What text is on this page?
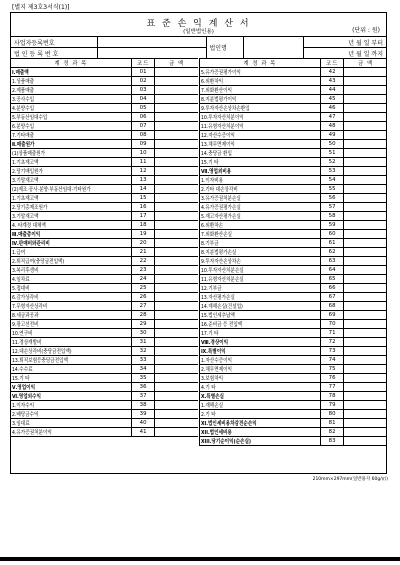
[별지 제3호3서식(1)]
표 준 손 익 계 산 서
(일반법인용)	(단위 : 원)
사업자등록번호		법인명		년 월 일 부터
법 인 등 록 번 호				년 월 일 까지
계 정 과 목	코드	금 액
Ⅰ.매출액	01	
1.상품매출	02	
2.제품매출	03	
3.공사수입	04	
4.분양수입	05	
5.부동산임대수입	06	
6.분양수입	07	
7.기타매출	08	
Ⅱ.매출원가	09	
(1)상품매출원가	10	
1.기초재고액	11	
2.당기매입원가	12	
3.기말재고액	13	
(2)제조·공사·분양·부동산임대·기타원가	14	
1.기초재고액	15	
2.당기총제조원가	16	
3.기말재고액	17	
4. 타계정 대체액	18	
Ⅲ.매출총이익	19	
Ⅳ.판매비와관리비	20	
1.급여	21	
2.퇴직급여(충당금전입액)	22	
3.복리후생비	23	
4.임차료	24	
5.접대비	25	
6.감가상각비	26	
7.무형자산상각비	27	
8.세금과공과	28	
9.광고선전비	29	
10.연구비	30	
11.경상개발비	31	
12.대손상각비(충당금전입액)	32	
13.퇴직보험등충당금전입액	33	
14.수수료	34	
15.기 타	35	
Ⅴ.영업이익	36	
Ⅵ.영업외수익	37	
1.이자수익	38	
2.배당금수익	39	
3.임대료	40	
4.유가증권처분이익	41	
계 정 과 목	코드	금 액
5.유가증권평가이익	42	
6.외환차익	43	
7.외화환산이익	44	
8.지분법평가이익	45	
9.투자자산손상차손환입	46	
10.투자자산처분이익	47	
11.유형자산처분이익	48	
12.자산수증이익	49	
13.채무면제이익	50	
14.충당금 환입	51	
15.기 타	52	
Ⅶ.영업외비용	53	
1.이자비용	54	
2.기타 대손상각비	55	
3.유가증권처분손실	56	
4.유가증권평가손실	57	
5.재고자산평가손실	58	
6.외환차손	59	
7.외화환산손실	60	
8.기부금	61	
8.지분법평가손실	62	
9.투자자산손상차손	63	
10.투자자산처분손실	64	
11.유형자산처분손실	65	
12.기부금	66	
13.자산평가손실	67	
14.재해손실(건설업)	68	
15.법인세추납액	69	
16.준비금 등 전입액	70	
17.기 타	71	
Ⅷ.경상이익	72	
Ⅸ.특별이익	73	
1.자산수증이익	74	
2.채무면제이익	75	
3.보험차익	76	
4.기 타	77	
Ⅹ.특별손실	78	
1.재해손실	79	
2.기 타	80	
XI.법인세비용차감전순손익	81	
XII.법인세비용	82	
XIII.당기순이익(순손실)	83	
210mm×297mm(일반용지 60g/㎡)
